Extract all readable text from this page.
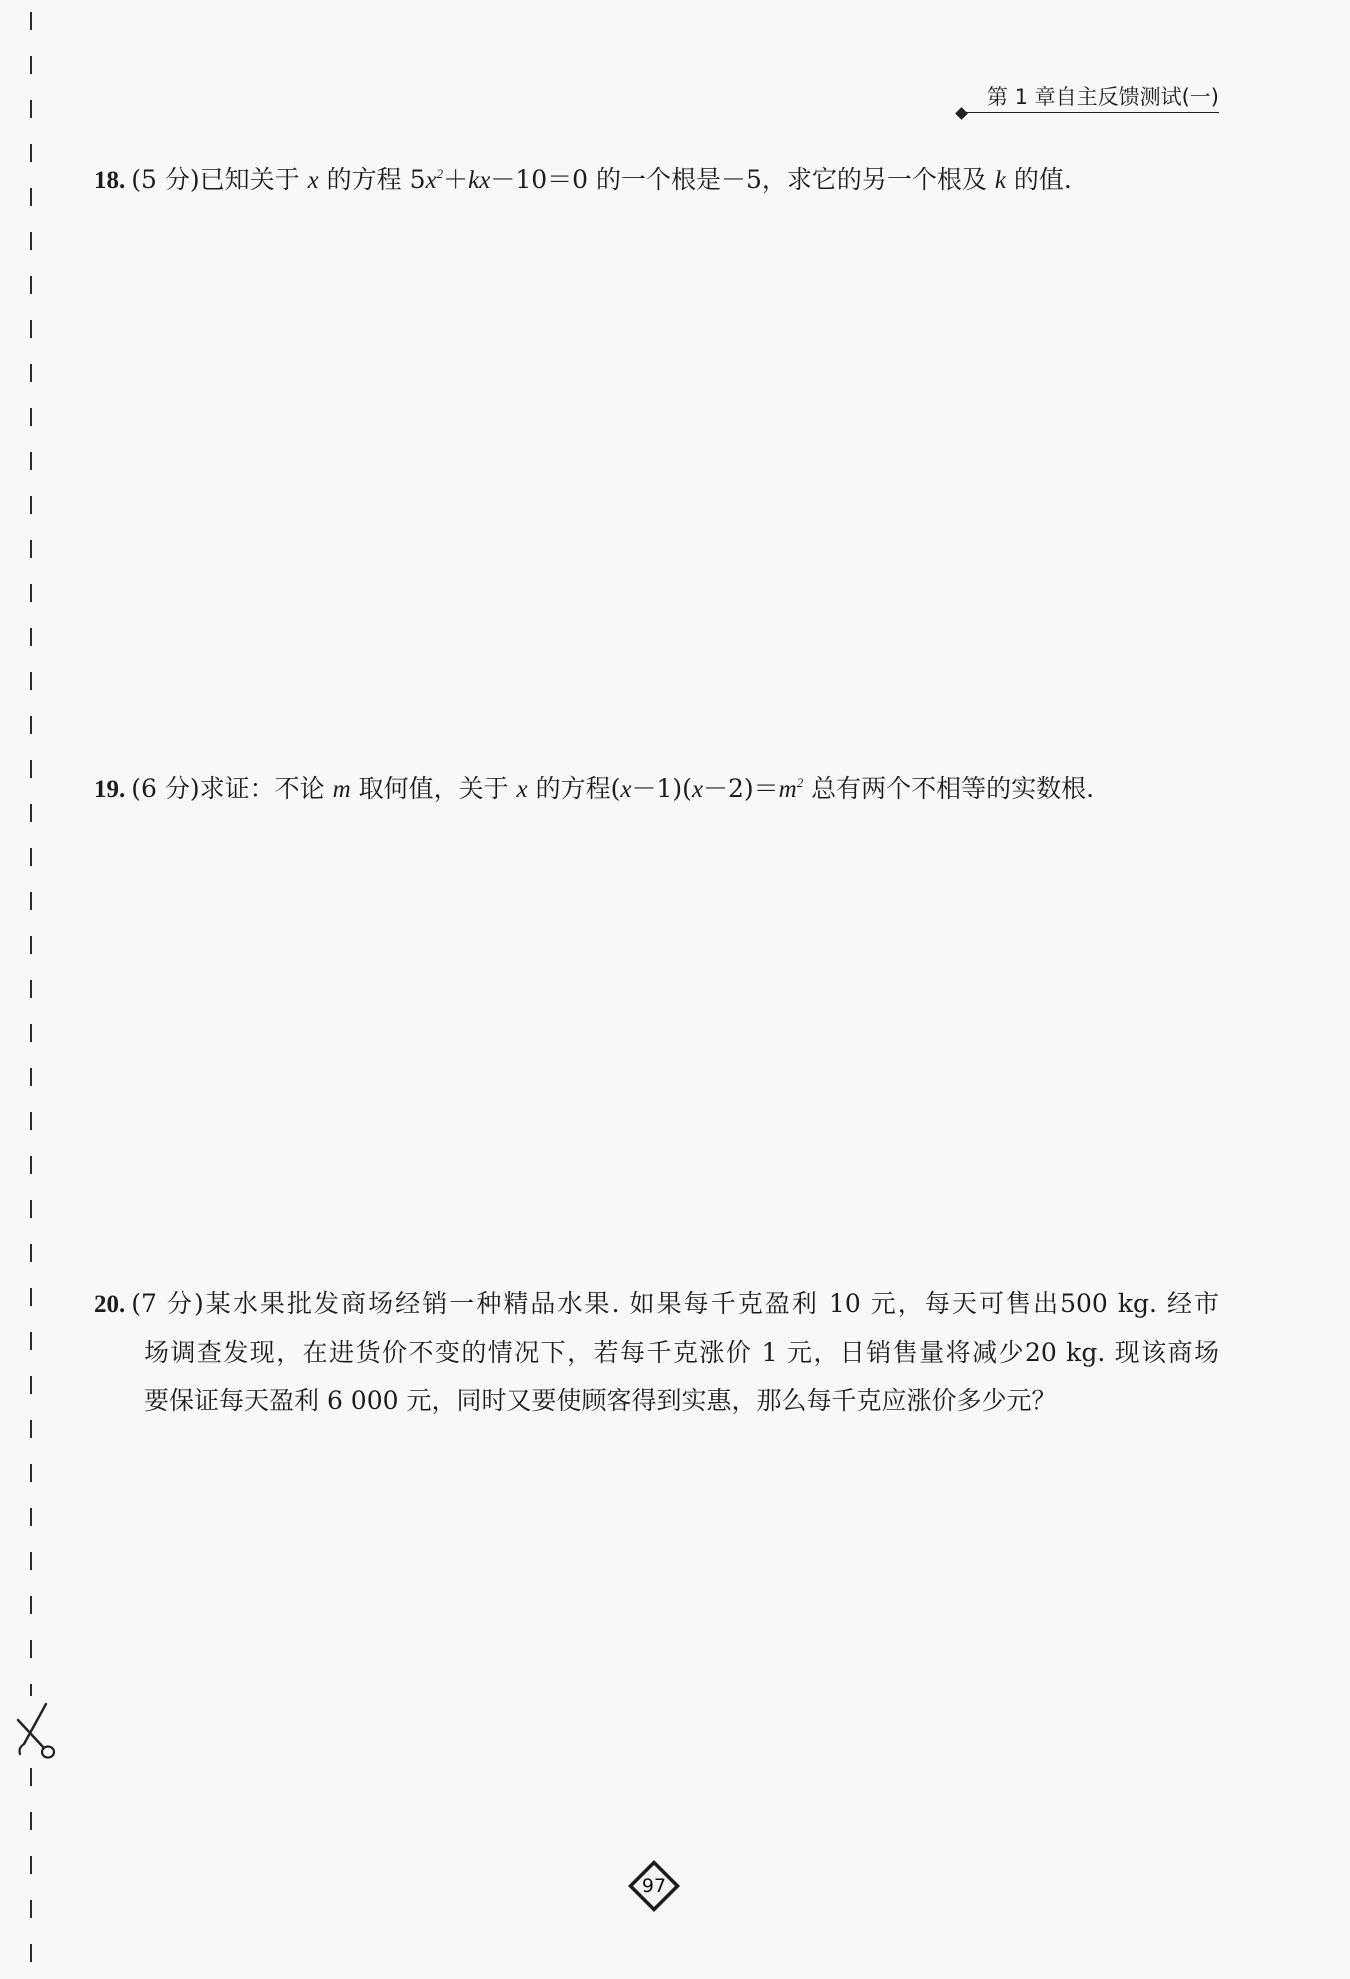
第 1 章自主反馈测试(一)
18. (5 分)已知关于 x 的方程 $5x^2+kx-10=0$ 的一个根是－5，求它的另一个根及 k 的值.
19. (6 分)求证：不论 m 取何值，关于 x 的方程$(x-1)(x-2)=m^2$ 总有两个不相等的实数根.
20. (7 分)某水果批发商场经销一种精品水果. 如果每千克盈利 10 元，每天可售出500 kg. 经市
场调查发现，在进货价不变的情况下，若每千克涨价 1 元，日销售量将减少20 kg. 现该商场
要保证每天盈利 6 000 元，同时又要使顾客得到实惠，那么每千克应涨价多少元？
97
